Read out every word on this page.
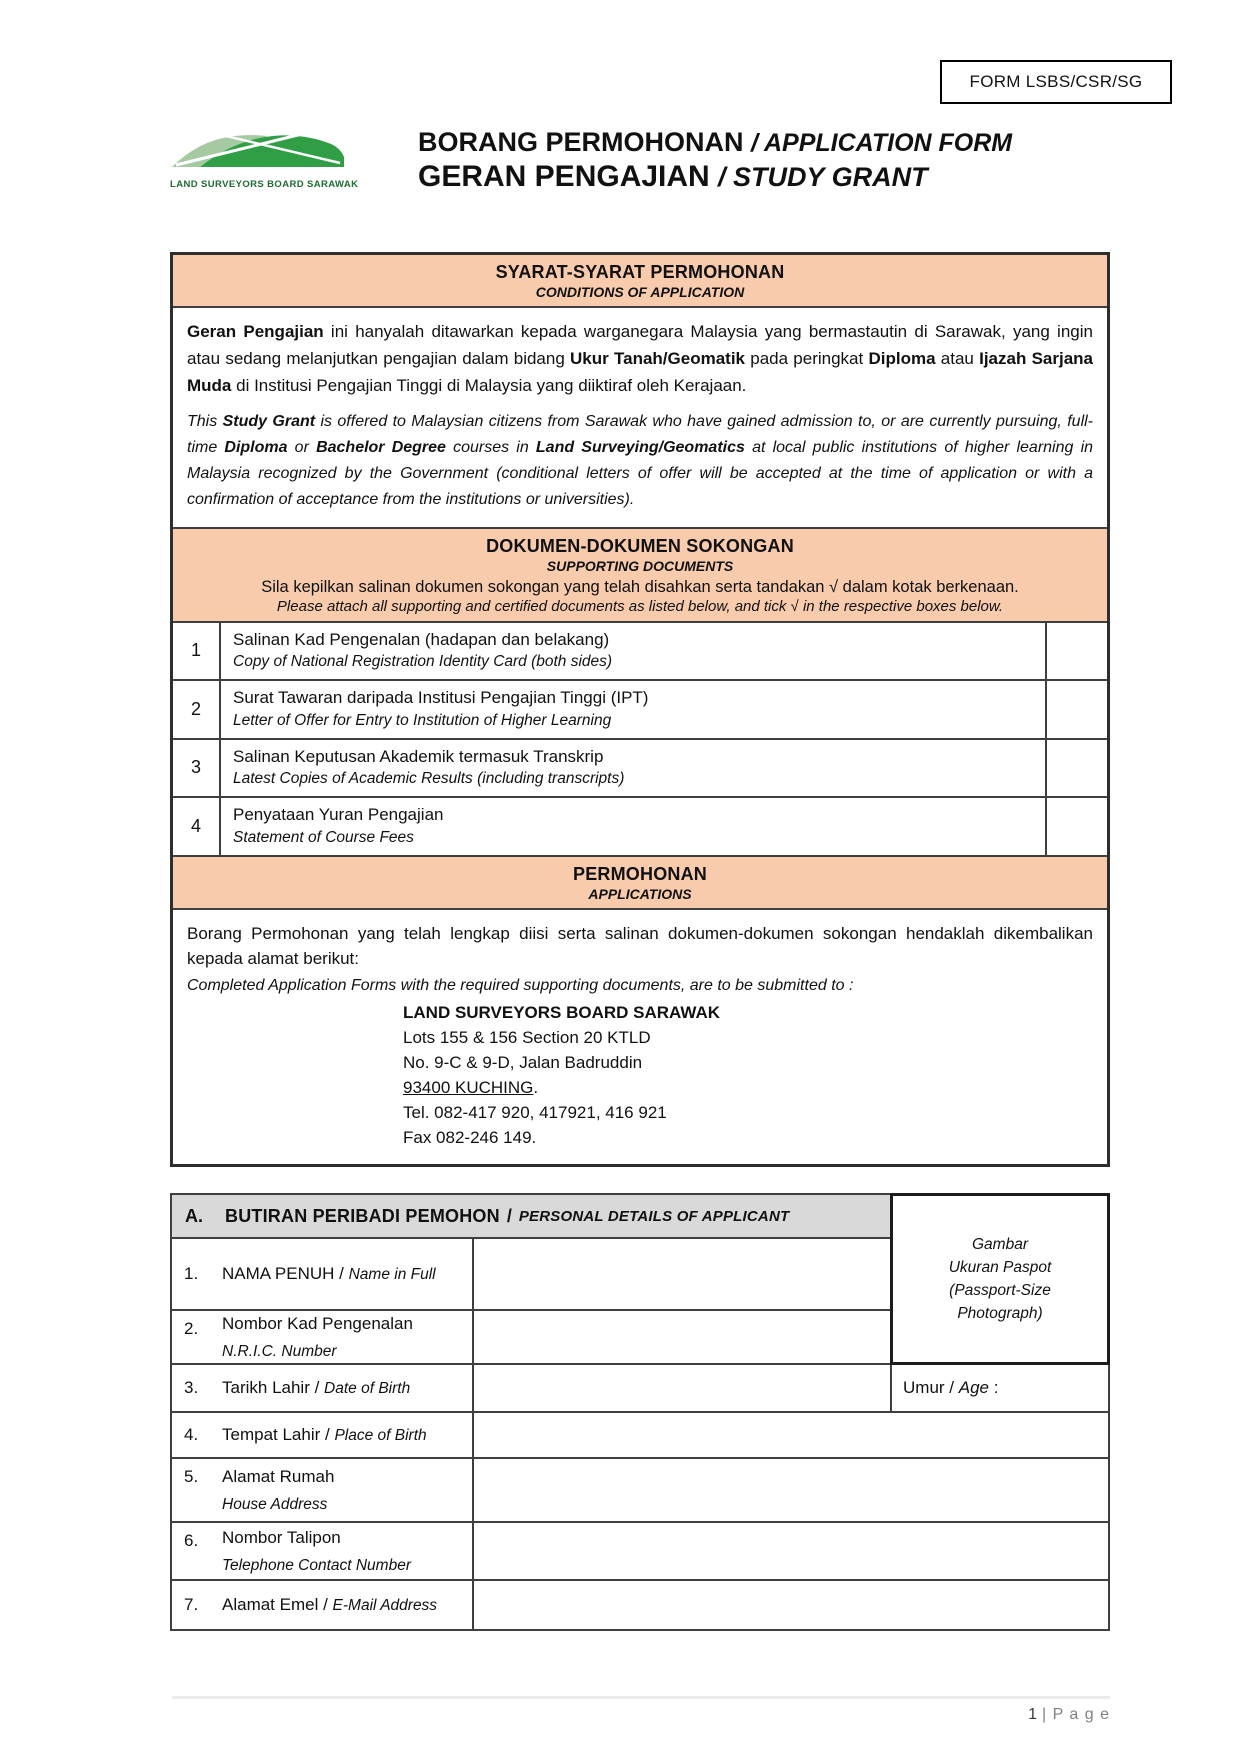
FORM LSBS/CSR/SG
LAND SURVEYORS BOARD SARAWAK
BORANG PERMOHONAN / APPLICATION FORM
GERAN PENGAJIAN / STUDY GRANT
SYARAT-SYARAT PERMOHONAN
CONDITIONS OF APPLICATION

Geran Pengajian ini hanyalah ditawarkan kepada warganegara Malaysia yang bermastautin di Sarawak, yang ingin atau sedang melanjutkan pengajian dalam bidang Ukur Tanah/Geomatik pada peringkat Diploma atau Ijazah Sarjana Muda di Institusi Pengajian Tinggi di Malaysia yang diiktiraf oleh Kerajaan.

This Study Grant is offered to Malaysian citizens from Sarawak who have gained admission to, or are currently pursuing, full-time Diploma or Bachelor Degree courses in Land Surveying/Geomatics at local public institutions of higher learning in Malaysia recognized by the Government (conditional letters of offer will be accepted at the time of application or with a confirmation of acceptance from the institutions or universities).

DOKUMEN-DOKUMEN SOKONGAN
SUPPORTING DOCUMENTS
Sila kepilkan salinan dokumen sokongan yang telah disahkan serta tandakan √ dalam kotak berkenaan.
Please attach all supporting and certified documents as listed below, and tick √ in the respective boxes below.
1
Salinan Kad Pengenalan (hadapan dan belakang)
Copy of National Registration Identity Card (both sides)
2
Surat Tawaran daripada Institusi Pengajian Tinggi (IPT)
Letter of Offer for Entry to Institution of Higher Learning
3
Salinan Keputusan Akademik termasuk Transkrip
Latest Copies of Academic Results (including transcripts)
4
Penyataan Yuran Pengajian
Statement of Course Fees
PERMOHONAN
APPLICATIONS

Borang Permohonan yang telah lengkap diisi serta salinan dokumen-dokumen sokongan hendaklah dikembalikan kepada alamat berikut:

Completed Application Forms with the required supporting documents, are to be submitted to :

LAND SURVEYORS BOARD SARAWAK
Lots 155 & 156 Section 20 KTLD
No. 9-C & 9-D, Jalan Badruddin
93400 KUCHING.
Tel. 082-417 920, 417921, 416 921
Fax 082-246 149.
A.	BUTIRAN PERIBADI PEMOHON / PERSONAL DETAILS OF APPLICANT
Gambar
Ukuran Paspot
(Passport-Size
Photograph)
1.	NAMA PENUH / Name in Full
2.	Nombor Kad Pengenalan
N.R.I.C. Number
3.	Tarikh Lahir / Date of Birth	Umur / Age :
4.	Tempat Lahir / Place of Birth
5.	Alamat Rumah
House Address
6.	Nombor Talipon
Telephone Contact Number
7.	Alamat Emel / E-Mail Address
1 | P a g e
